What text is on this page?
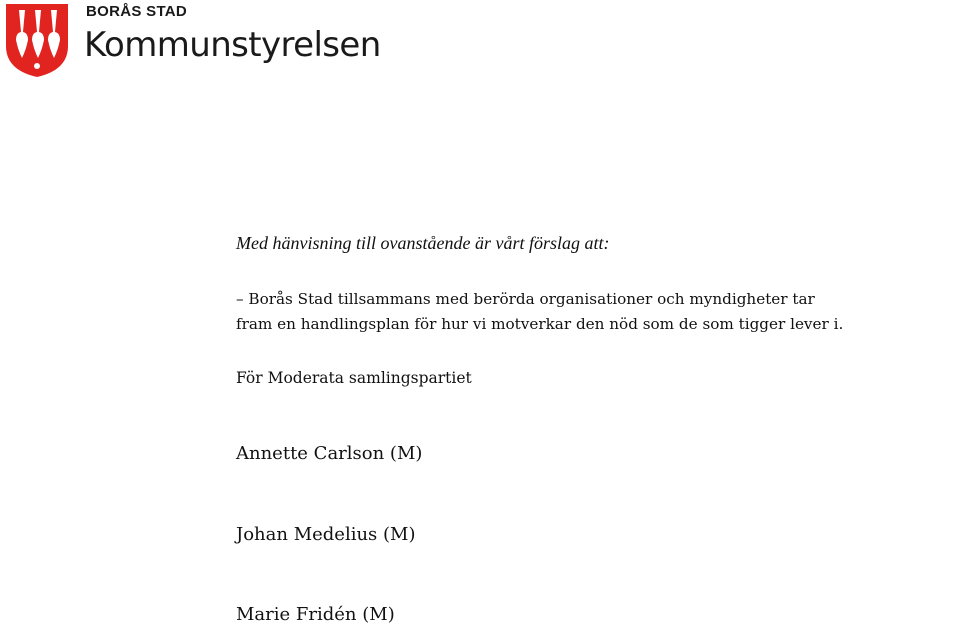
BORÅS STAD
Kommunstyrelsen
Med hänvisning till ovanstående är vårt förslag att:
– Borås Stad tillsammans med berörda organisationer och myndigheter tar
fram en handlingsplan för hur vi motverkar den nöd som de som tigger lever i.
För Moderata samlingspartiet
Annette Carlson (M)
Johan Medelius (M)
Marie Fridén (M)
